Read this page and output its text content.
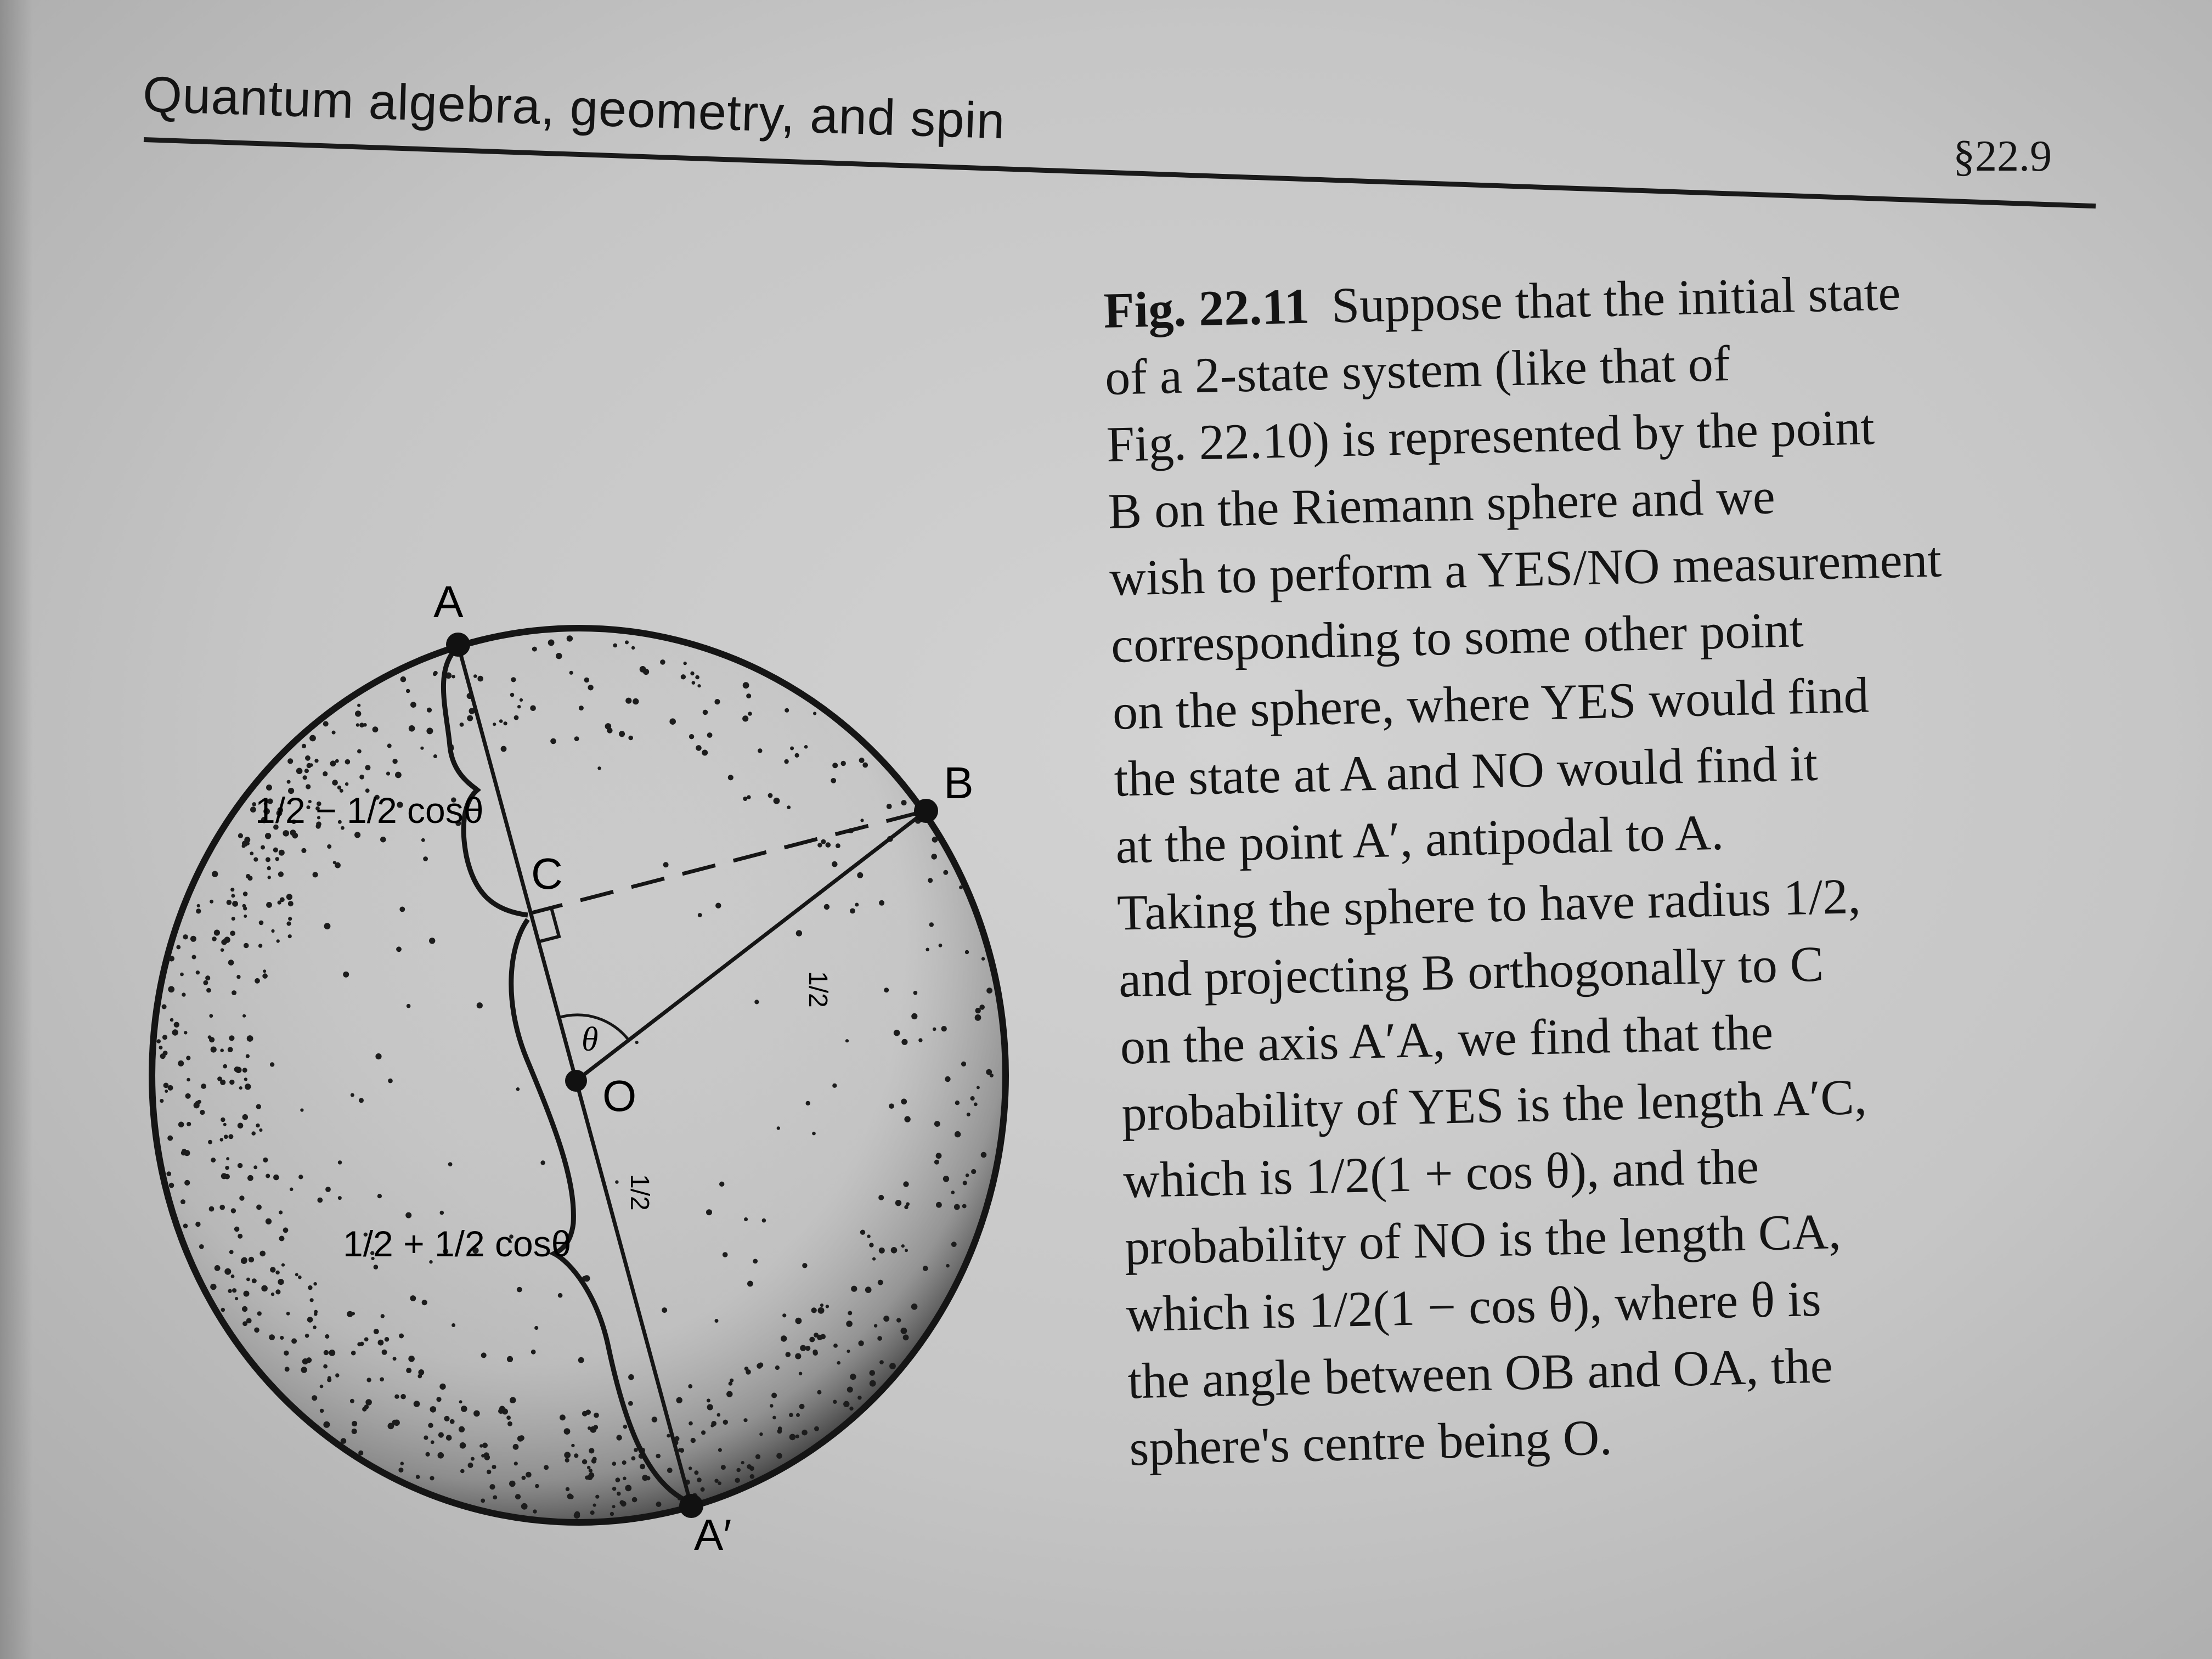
Quantum algebra, geometry, and spin
§22.9
A
B
C
O
A′
θ
1/2
1/2
1/2 − 1/2 cosθ
1/2 + 1/2 cosθ
Fig. 22.11 Suppose that the initial state
of a 2-state system (like that of
Fig. 22.10) is represented by the point
B on the Riemann sphere and we
wish to perform a YES/NO measurement
corresponding to some other point
on the sphere, where YES would find
the state at A and NO would find it
at the point A′, antipodal to A.
Taking the sphere to have radius 1/2,
and projecting B orthogonally to C
on the axis A′A, we find that the
probability of YES is the length A′C,
which is 1/2(1 + cos θ), and the
probability of NO is the length CA,
which is 1/2(1 − cos θ), where θ is
the angle between OB and OA, the
sphere's centre being O.
